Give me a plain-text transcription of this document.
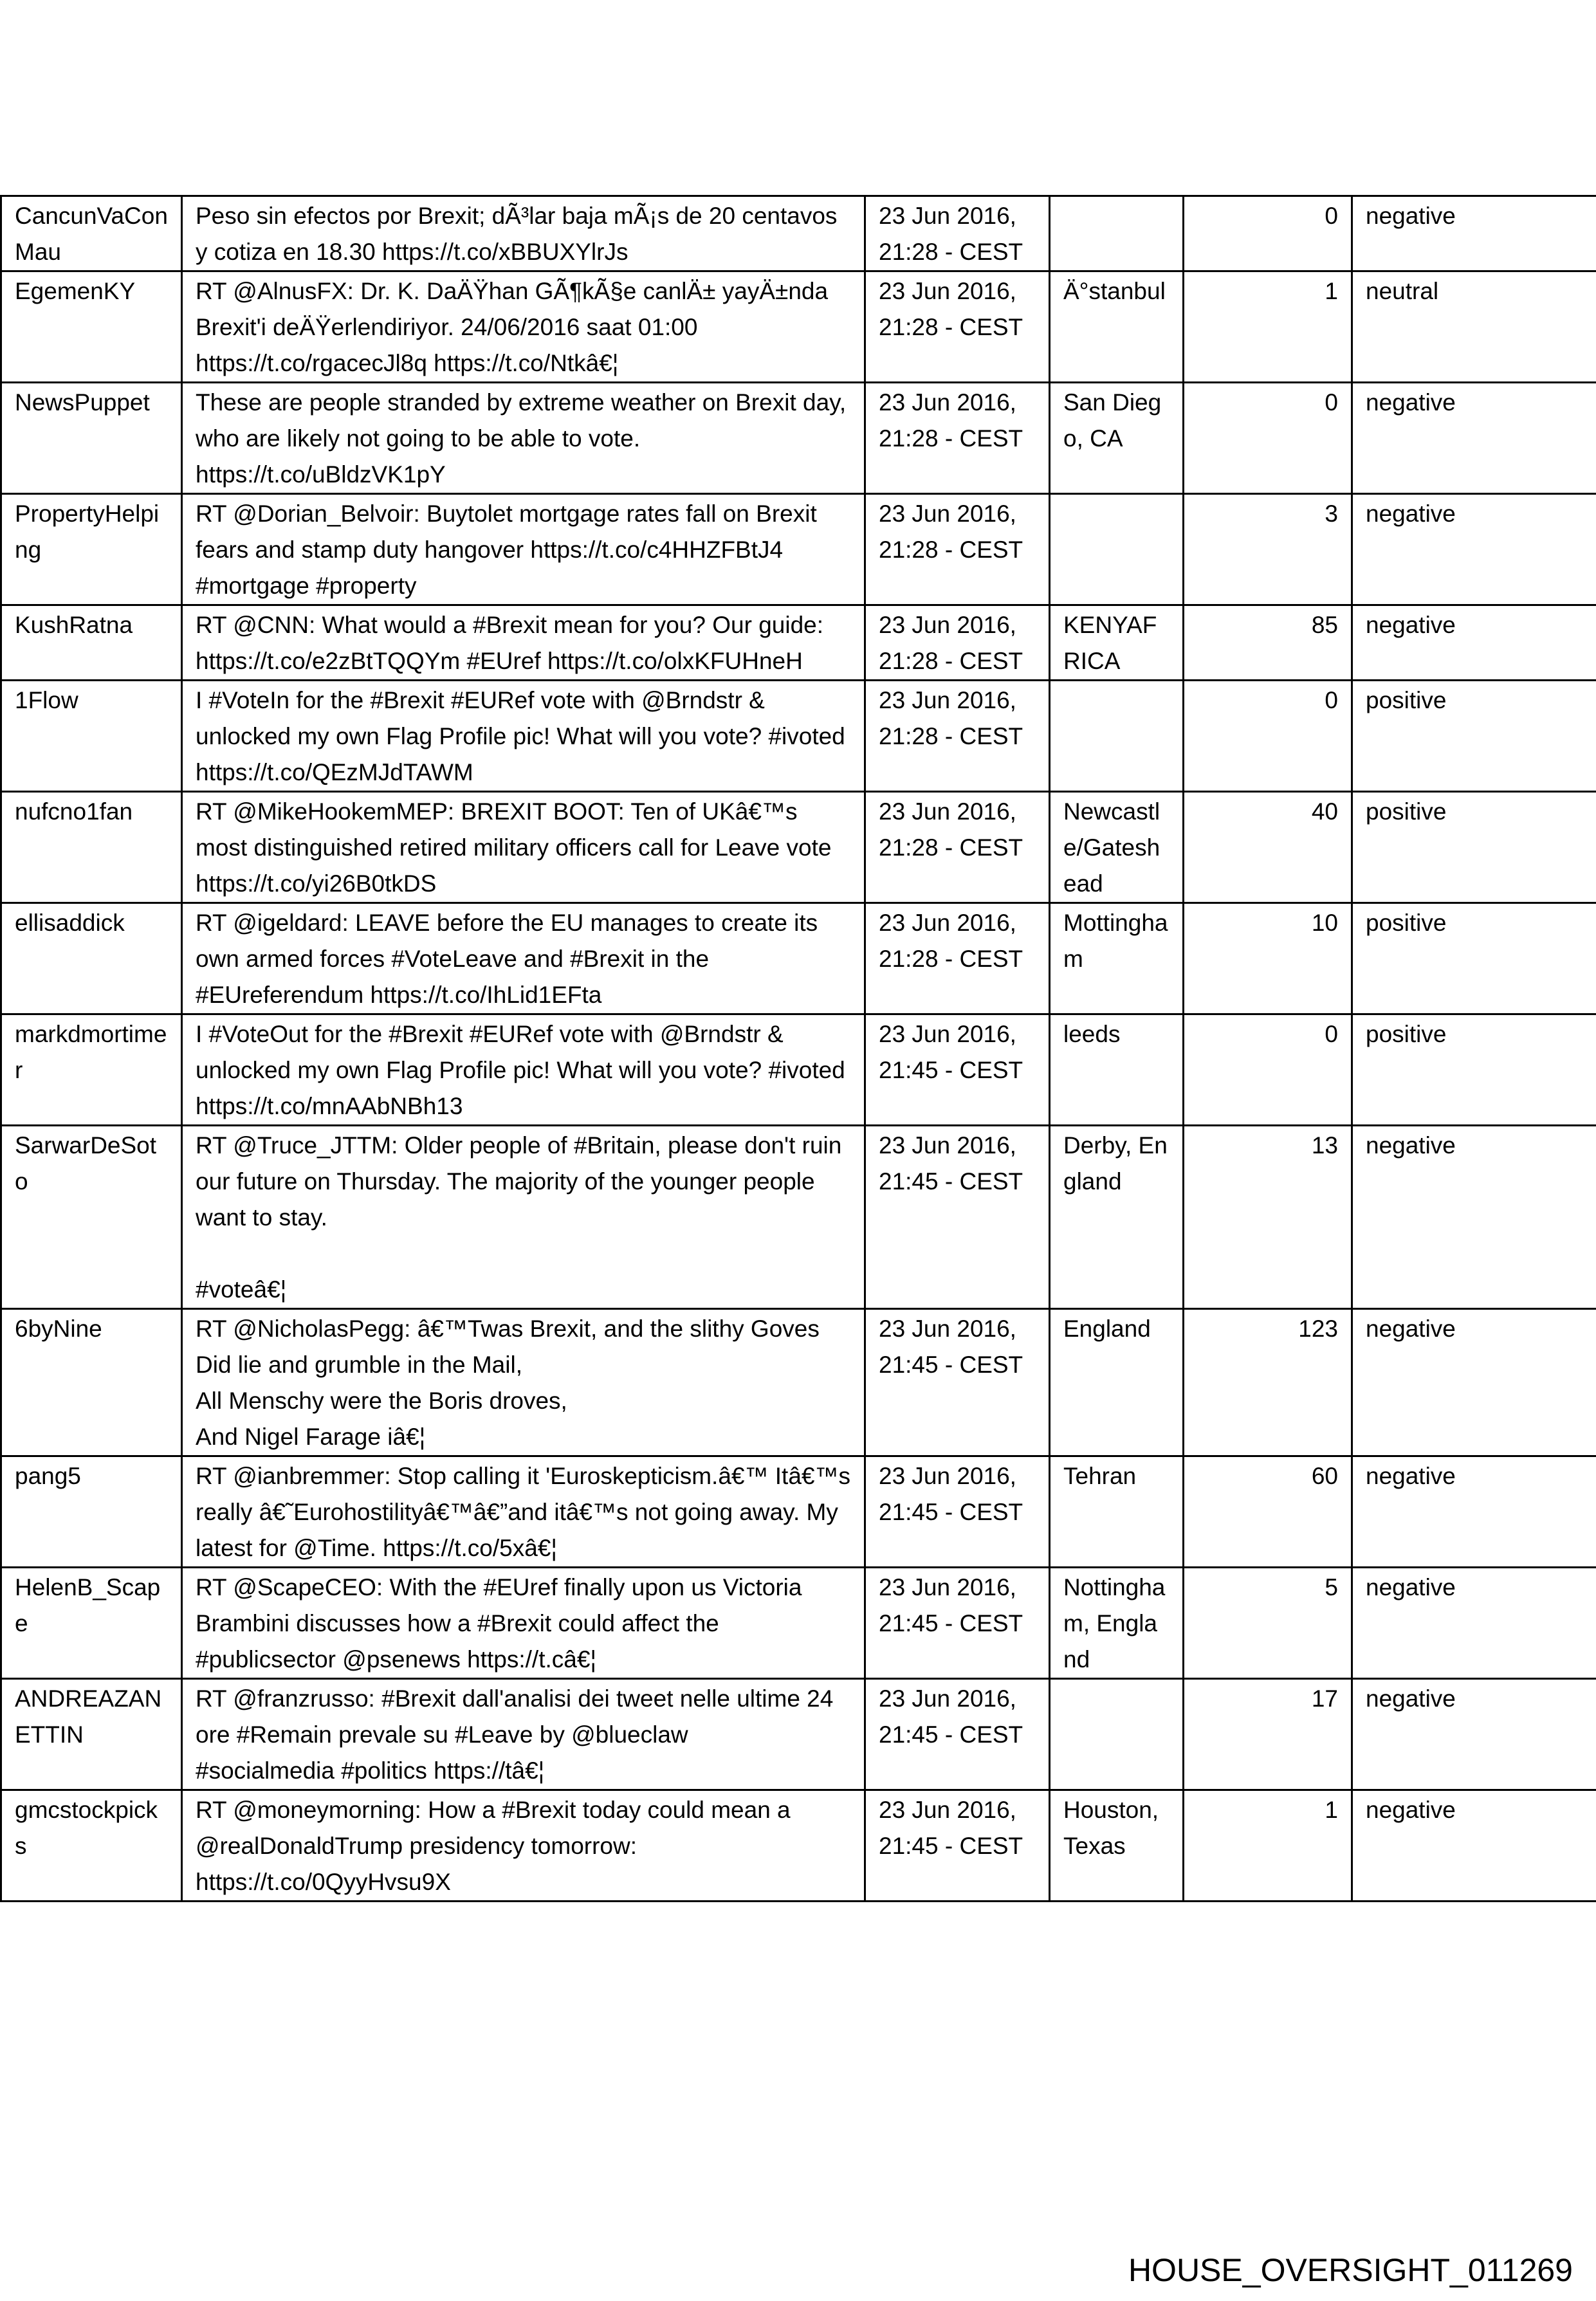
CancunVaConMau	Peso sin efectos por Brexit; dÃ³lar baja mÃ¡s de 20 centavos y cotiza en 18.30 https://t.co/xBBUXYlrJs	23 Jun 2016, 21:28 - CEST		0	negative
EgemenKY	RT @AlnusFX: Dr. K. DaÄŸhan GÃ¶kÃ§e canlÄ± yayÄ±nda Brexit'i deÄŸerlendiriyor. 24/06/2016 saat 01:00 https://t.co/rgacecJl8q https://t.co/Ntkâ€¦	23 Jun 2016, 21:28 - CEST	Ä°stanbul	1	neutral
NewsPuppet	These are people stranded by extreme weather on Brexit day, who are likely not going to be able to vote. https://t.co/uBldzVK1pY	23 Jun 2016, 21:28 - CEST	San Diego, CA	0	negative
PropertyHelping	RT @Dorian_Belvoir: Buytolet mortgage rates fall on Brexit fears and stamp duty hangover https://t.co/c4HHZFBtJ4 #mortgage #property	23 Jun 2016, 21:28 - CEST		3	negative
KushRatna	RT @CNN: What would a #Brexit mean for you? Our guide: https://t.co/e2zBtTQQYm #EUref https://t.co/olxKFUHneH	23 Jun 2016, 21:28 - CEST	KENYAFRICA	85	negative
1Flow	I #VoteIn for the #Brexit #EURef vote with @Brndstr & unlocked my own Flag Profile pic! What will you vote? #ivoted https://t.co/QEzMJdTAWM	23 Jun 2016, 21:28 - CEST		0	positive
nufcno1fan	RT @MikeHookemMEP: BREXIT BOOT: Ten of UKâ€™s most distinguished retired military officers call for Leave vote https://t.co/yi26B0tkDS	23 Jun 2016, 21:28 - CEST	Newcastle/Gateshead	40	positive
ellisaddick	RT @igeldard: LEAVE before the EU manages to create its own armed forces #VoteLeave and #Brexit in the #EUreferendum https://t.co/IhLid1EFta	23 Jun 2016, 21:28 - CEST	Mottingham	10	positive
markdmortimer	I #VoteOut for the #Brexit #EURef vote with @Brndstr & unlocked my own Flag Profile pic! What will you vote? #ivoted https://t.co/mnAAbNBh13	23 Jun 2016, 21:45 - CEST	leeds	0	positive
SarwarDeSoto	RT @Truce_JTTM: Older people of #Britain, please don't ruin our future on Thursday. The majority of the younger people want to stay.

#voteâ€¦	23 Jun 2016, 21:45 - CEST	Derby, England	13	negative
6byNine	RT @NicholasPegg: â€™Twas Brexit, and the slithy Goves
Did lie and grumble in the Mail,
All Menschy were the Boris droves,
And Nigel Farage iâ€¦	23 Jun 2016, 21:45 - CEST	England	123	negative
pang5	RT @ianbremmer: Stop calling it 'Euroskepticism.â€™ Itâ€™s really â€˜Eurohostilityâ€™â€”and itâ€™s not going away. My latest for @Time. https://t.co/5xâ€¦	23 Jun 2016, 21:45 - CEST	Tehran	60	negative
HelenB_Scape	RT @ScapeCEO: With the #EUref finally upon us Victoria Brambini discusses how a #Brexit could affect the #publicsector @psenews https://t.câ€¦	23 Jun 2016, 21:45 - CEST	Nottingham, England	5	negative
ANDREAZANETTIN	RT @franzrusso: #Brexit dall'analisi dei tweet nelle ultime 24 ore #Remain prevale su #Leave by @blueclaw
#socialmedia #politics https://tâ€¦	23 Jun 2016, 21:45 - CEST		17	negative
gmcstockpicks	RT @moneymorning: How a #Brexit today could mean a @realDonaldTrump presidency tomorrow: https://t.co/0QyyHvsu9X	23 Jun 2016, 21:45 - CEST	Houston, Texas	1	negative
HOUSE_OVERSIGHT_011269
